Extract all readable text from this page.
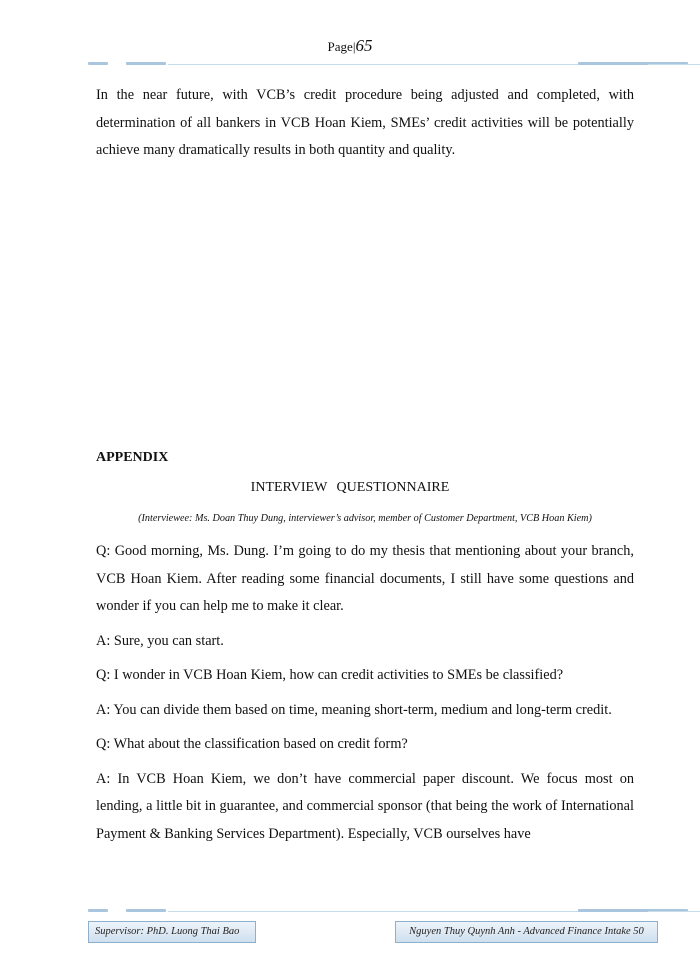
Page|65

In the near future, with VCB’s credit procedure being adjusted and completed, with determination of all bankers in VCB Hoan Kiem, SMEs’ credit activities will be potentially achieve many dramatically results in both quantity and quality.

APPENDIX
INTERVIEW QUESTIONNAIRE
(Interviewee: Ms. Doan Thuy Dung, interviewer’s advisor, member of Customer Department, VCB Hoan Kiem)

Q: Good morning, Ms. Dung. I’m going to do my thesis that mentioning about your branch, VCB Hoan Kiem. After reading some financial documents, I still have some questions and wonder if you can help me to make it clear.

A: Sure, you can start.

Q: I wonder in VCB Hoan Kiem, how can credit activities to SMEs be classified?

A: You can divide them based on time, meaning short-term, medium and long-term credit.

Q: What about the classification based on credit form?

A: In VCB Hoan Kiem, we don’t have commercial paper discount. We focus most on lending, a little bit in guarantee, and commercial sponsor (that being the work of International Payment & Banking Services Department). Especially, VCB ourselves have

Supervisor: PhD. Luong Thai Bao	Nguyen Thuy Quynh Anh - Advanced Finance Intake 50
